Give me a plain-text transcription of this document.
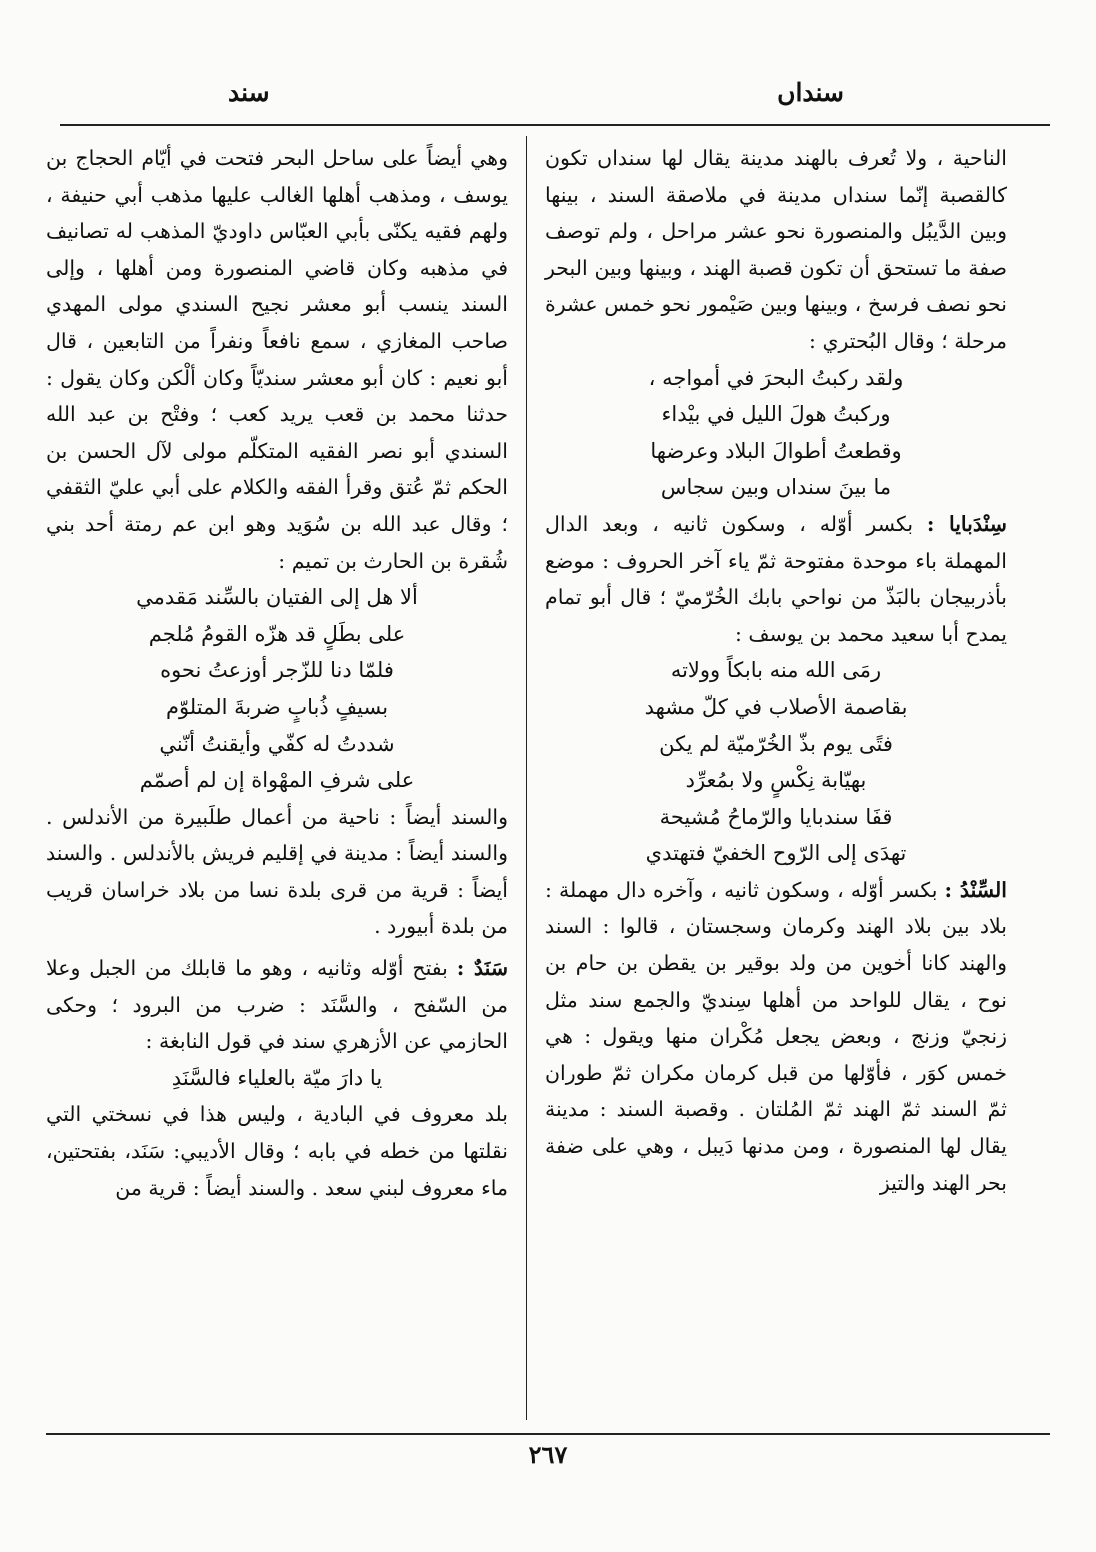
سنداں
سند

الناحية ، ولا تُعرف بالهند مدينة يقال لها سنداں تكون كالقصبة إنّما سنداں مدينة في ملاصقة السند ، بينها وبين الدَّيبُل والمنصورة نحو عشر مراحل ، ولم توصف صفة ما تستحق أن تكون قصبة الهند ، وبينها وبين البحر نحو نصف فرسخ ، وبينها وبين صَيْمور نحو خمس عشرة مرحلة ؛ وقال البُحتري :

ولقد ركبتُ البحرَ في أمواجه ،
وركبتُ هولَ الليل في بيْداء
وقطعتُ أطوالَ البلاد وعرضها
ما بينَ سنداں وبين سجاس

سِنْدَبايا : بكسر أوّله ، وسكون ثانيه ، وبعد الدال المهملة باء موحدة مفتوحة ثمّ ياء آخر الحروف : موضع بأذربيجان بالبَذّ من نواحي بابك الخُرّميّ ؛ قال أبو تمام يمدح أبا سعيد محمد بن يوسف :

رمَى الله منه بابكاً وولاته
بقاصمة الأصلاب في كلّ مشهد
فتًى يوم بذّ الخُرّميّة لم يكن
بهيّابة نِكْسٍ ولا بمُعرِّد
قفَا سندبايا والرّماحُ مُشيحة
تهدَى إلى الرّوح الخفيّ فتهتدي

السِّنْدُ : بكسر أوّله ، وسكون ثانيه ، وآخره دال مهملة : بلاد بين بلاد الهند وكرمان وسجستان ، قالوا : السند والهند كانا أخوين من ولد بوقير بن يقطن بن حام بن نوح ، يقال للواحد من أهلها سِنديّ والجمع سند مثل زنجيّ وزنج ، وبعض يجعل مُكْران منها ويقول : هي خمس كوَر ، فأوّلها من قبل كرمان مكران ثمّ طوران ثمّ السند ثمّ الهند ثمّ المُلتان . وقصبة السند : مدينة يقال لها المنصورة ، ومن مدنها دَيبل ، وهي على ضفة بحر الهند والتيز

وهي أيضاً على ساحل البحر فتحت في أيّام الحجاج بن يوسف ، ومذهب أهلها الغالب عليها مذهب أبي حنيفة ، ولهم فقيه يكنّى بأبي العبّاس داوديّ المذهب له تصانيف في مذهبه وكان قاضي المنصورة ومن أهلها ، وإلى السند ينسب أبو معشر نجيح السندي مولى المهدي صاحب المغازي ، سمع نافعاً ونفراً من التابعين ، قال أبو نعيم : كان أبو معشر سنديّاً وكان ألْكن وكان يقول : حدثنا محمد بن قعب يريد كعب ؛ وفتْح بن عبد الله السندي أبو نصر الفقيه المتكلّم مولى لآل الحسن بن الحكم ثمّ عُتق وقرأ الفقه والكلام على أبي عليّ الثقفي ؛ وقال عبد الله بن سُوَيد وهو ابن عم رمتة أحد بني شُقرة بن الحارث بن تميم :

ألا هل إلى الفتيان بالسِّند مَقدمي
على بطَلٍ قد هزّه القومُ مُلجم
فلمّا دنا للزّجر أوزعتُ نحوه
بسيفٍ ذُبابٍ ضربةَ المتلوّم
شددتُ له كفّي وأيقنتُ أنّني
على شرفِ المهْواة إن لم أصمّم

والسند أيضاً : ناحية من أعمال طلَبيرة من الأندلس . والسند أيضاً : مدينة في إقليم فريش بالأندلس . والسند أيضاً : قرية من قرى بلدة نسا من بلاد خراسان قريب من بلدة أبيورد .

سَنَدٌ : بفتح أوّله وثانيه ، وهو ما قابلك من الجبل وعلا من السّفح ، والسَّنَد : ضرب من البرود ؛ وحكى الحازمي عن الأزهري سند في قول النابغة :

يا دارَ ميّة بالعلياء فالسَّنَدِ

بلد معروف في البادية ، وليس هذا في نسختي التي نقلتها من خطه في بابه ؛ وقال الأديبي: سَنَد، بفتحتين، ماء معروف لبني سعد . والسند أيضاً : قرية من

٢٦٧
